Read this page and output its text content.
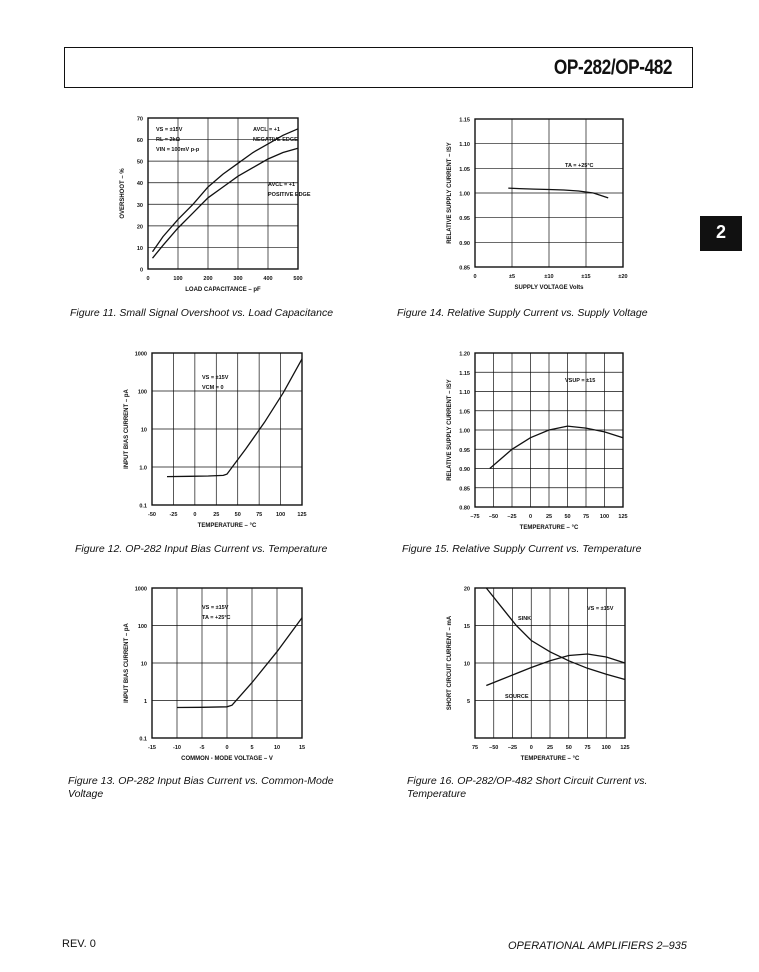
OP-282/OP-482
2
0
10
20
30
40
50
60
70
0	100	200	300	400	500
LOAD CAPACITANCE – pF
OVERSHOOT – %
VS = ±15V
RL = 2kΩ
VIN = 100mV p-p
AVCL = +1
NEGATIVE EDGE
AVCL = +1
POSITIVE EDGE
Figure 11. Small Signal Overshoot vs. Load Capacitance
0.85
0.90
0.95
1.00
1.05
1.10
1.15
0	±5	±10	±15	±20
SUPPLY VOLTAGE Volts
RELATIVE SUPPLY CURRENT – ISY	TA = +25°C
Figure 14. Relative Supply Current vs. Supply Voltage
0.1
1.0
10
100
1000
-50 -25	0	25	50	75	100 125
TEMPERATURE – °C
INPUT BIAS CURRENT – pA
VS = ±15V
VCM = 0
Figure 12. OP-282 Input Bias Current vs. Temperature
0.80
0.85
0.90
0.95
1.00
1.05
1.10
1.15
1.20
–75 –50 –25 0	25 50 75 100 125
TEMPERATURE – °C
RELATIVE SUPPLY CURRENT – ISY	VSUP = ±15
Figure 15. Relative Supply Current vs. Temperature
0.1
1
10
100
1000
-15	-10	-5	0	5	10	15
COMMON - MODE VOLTAGE – V
INPUT BIAS CURRENT – pA
VS = ±15V
TA = +25°C
Figure 13. OP-282 Input Bias Current vs. Common-Mode Voltage
5
10
15
20
75 –50 –25 0	25 50 75 100 125
TEMPERATURE – °C
SHORT CIRCUIT CURRENT – mA
VS = ±15V
SINK
SOURCE
Figure 16. OP-282/OP-482 Short Circuit Current vs. Temperature
REV. 0	OPERATIONAL AMPLIFIERS 2–935
